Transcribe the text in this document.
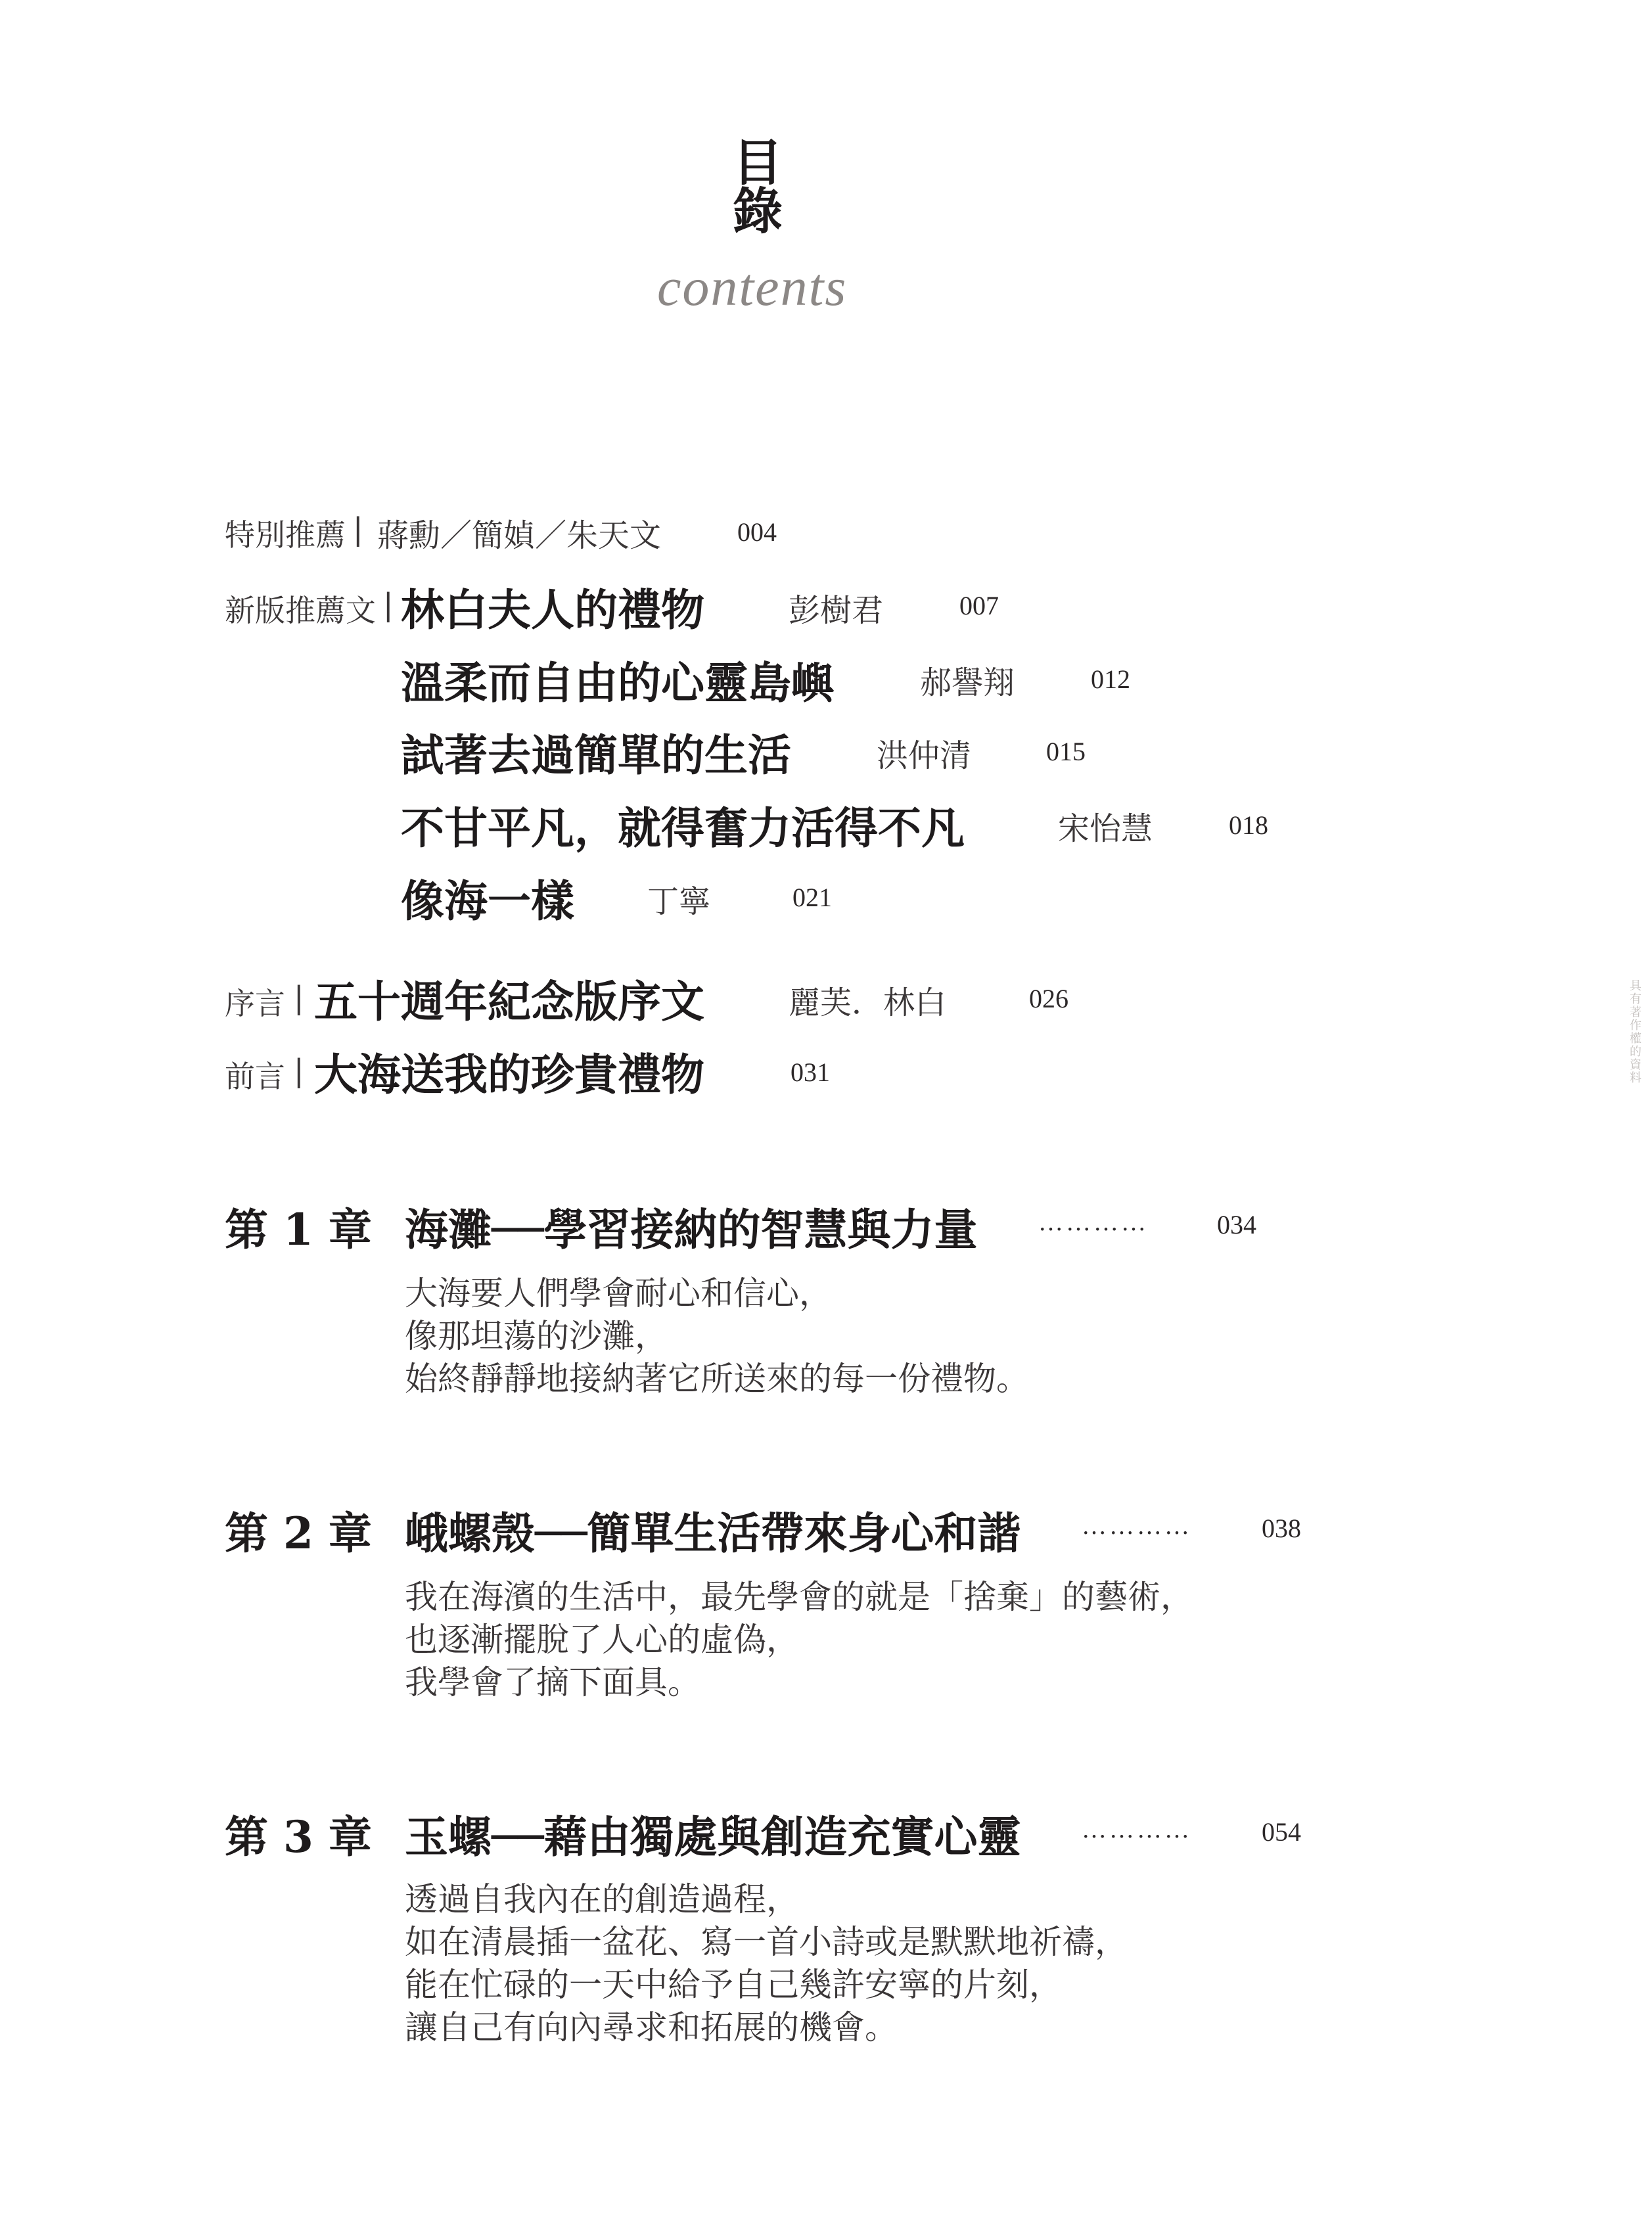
目
錄
contents
特別推薦 | 蔣勳／簡媜／朱天文	004
新版推薦文 | 林白夫人的禮物	彭樹君	007
溫柔而自由的心靈島嶼	郝譽翔	012
試著去過簡單的生活	洪仲清	015
不甘平凡，就得奮力活得不凡	宋怡慧	018
像海一樣 丁寧	021
序言 | 五十週年紀念版序文	麗芙．林白	026
前言 | 大海送我的珍貴禮物	031
第 1 章 海灘──學習接納的智慧與力量 …………	034
大海要人們學會耐心和信心，
像那坦蕩的沙灘，
始終靜靜地接納著它所送來的每一份禮物。
第 2 章 峨螺殼──簡單生活帶來身心和諧 …………	038
我在海濱的生活中，最先學會的就是「捨棄」的藝術，
也逐漸擺脫了人心的虛偽，
我學會了摘下面具。
第 3 章 玉螺──藉由獨處與創造充實心靈 …………	054
透過自我內在的創造過程，
如在清晨插一盆花、寫一首小詩或是默默地祈禱，
能在忙碌的一天中給予自己幾許安寧的片刻，
讓自己有向內尋求和拓展的機會。
具有著作權的資料
